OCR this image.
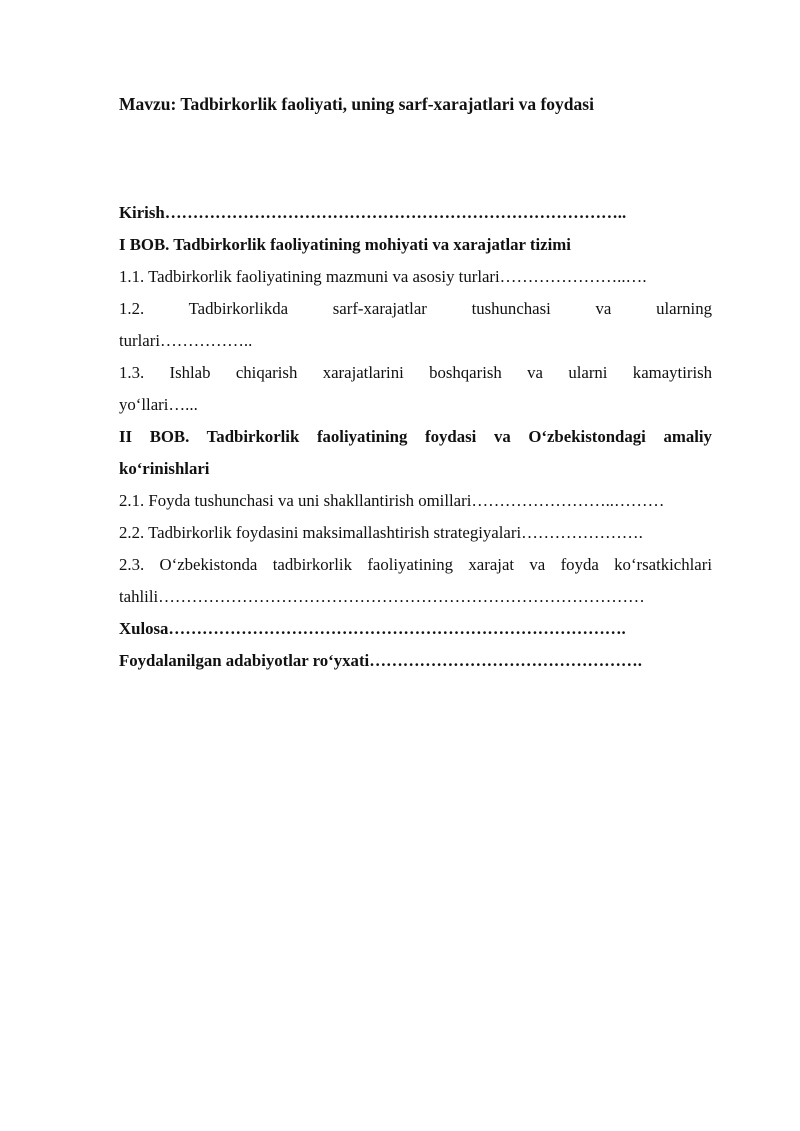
Mavzu: Tadbirkorlik faoliyati, uning sarf-xarajatlari va foydasi
Kirish………………………………………………………………………..
I BOB. Tadbirkorlik faoliyatining mohiyati va xarajatlar tizimi
1.1. Tadbirkorlik faoliyatining mazmuni va asosiy turlari…………………..….
1.2.	Tadbirkorlikda	sarf-xarajatlar	tushunchasi	va	ularning
turlari……………..
1.3. Ishlab chiqarish xarajatlarini boshqarish va ularni kamaytirish
yo‘llari…...
II BOB. Tadbirkorlik faoliyatining foydasi va O‘zbekistondagi amaliy
ko‘rinishlari
2.1. Foyda tushunchasi va uni shakllantirish omillari……………………..………
2.2. Tadbirkorlik foydasini maksimallashtirish strategiyalari………………….
2.3. O‘zbekistonda tadbirkorlik faoliyatining xarajat va foyda ko‘rsatkichlari
tahlili……………………………………………………………………………
Xulosa……………………………………………………………………….
Foydalanilgan adabiyotlar ro‘yxati………………………………………….
